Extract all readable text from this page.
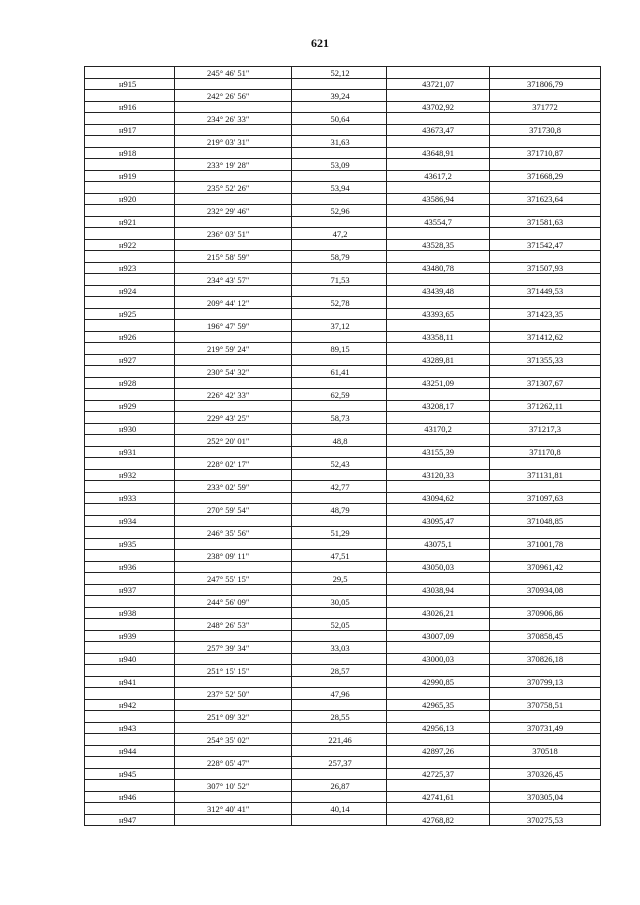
621

	245° 46' 51"	52,12		

н915			43721,07	371806,79

	242° 26' 56"	39,24		

н916			43702,92	371772

	234° 26' 33"	50,64		

н917			43673,47	371730,8

	219° 03' 31"	31,63		

н918			43648,91	371710,87

	233° 19' 28"	53,09		

н919			43617,2	371668,29

	235° 52' 26"	53,94		

н920			43586,94	371623,64

	232° 29' 46"	52,96		

н921			43554,7	371581,63

	236° 03' 51"	47,2		

н922			43528,35	371542,47

	215° 58' 59"	58,79		

н923			43480,78	371507,93

	234° 43' 57"	71,53		

н924			43439,48	371449,53

	209° 44' 12"	52,78		

н925			43393,65	371423,35

	196° 47' 59"	37,12		

н926			43358,11	371412,62

	219° 59' 24"	89,15		

н927			43289,81	371355,33

	230° 54' 32"	61,41		

н928			43251,09	371307,67

	226° 42' 33"	62,59		

н929			43208,17	371262,11

	229° 43' 25"	58,73		

н930			43170,2	371217,3

	252° 20' 01"	48,8		

н931			43155,39	371170,8

	228° 02' 17"	52,43		

н932			43120,33	371131,81

	233° 02' 59"	42,77		

н933			43094,62	371097,63

	270° 59' 54"	48,79		

н934			43095,47	371048,85

	246° 35' 56"	51,29		

н935			43075,1	371001,78

	238° 09' 11"	47,51		

н936			43050,03	370961,42

	247° 55' 15"	29,5		

н937			43038,94	370934,08

	244° 56' 09"	30,05		

н938			43026,21	370906,86

	248° 26' 53"	52,05		

н939			43007,09	370858,45

	257° 39' 34"	33,03		

н940			43000,03	370826,18

	251° 15' 15"	28,57		

н941			42990,85	370799,13

	237° 52' 50"	47,96		

н942			42965,35	370758,51

	251° 09' 32"	28,55		

н943			42956,13	370731,49

	254° 35' 02"	221,46		

н944			42897,26	370518

	228° 05' 47"	257,37		

н945			42725,37	370326,45

	307° 10' 52"	26,87		

н946			42741,61	370305,04

	312° 40' 41"	40,14		

н947			42768,82	370275,53
